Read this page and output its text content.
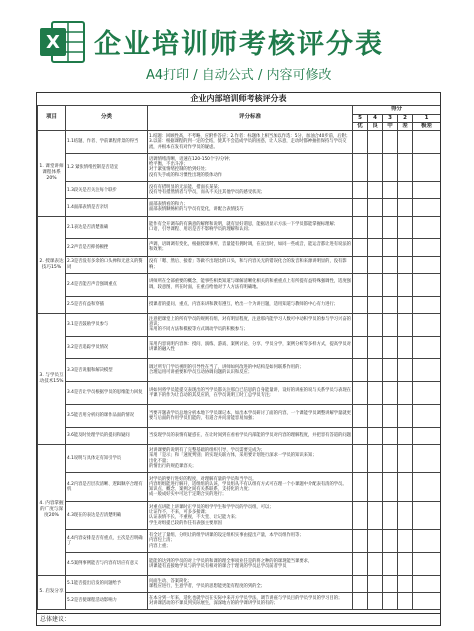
X 企业培训师考核评分表
A4打印 / 自动公式 / 内容可修改
企业内部培训师考核评分表
项目	分类	评分标准	得分				
			5	4	3	2	1
			优	良	中	差	极差
1. 课堂讲师课程体系20%	1.1结题、作者、学前课程背景的得当	1.结题：回顾性高，不考略，应附件答应；2.作者：标题体上相当加以作选：5分，加油合40步前，后附；3.以前：根据课程的到一定的全结，使其不会造成学员的困惑，让人乐意，走动时都神抽担保持与学员交流，并根本在发有对作学员的疑虑。					
	1.2 紧张情绪控制是否适宜	语调情绪清晰，语速在120-150个字/分钟；
给平衡，不出斗净；
对于紧张情绪控制的恰到好处；
没有失手或的和习惯性出现的肢体动作					
	1.3段关是否关注每个联步	没有有措明显的无法能，措面长某某；
没有导有措然情者与学员，而从不关注其他学员的感受状况；					
	1.4面部表情是否亲切	面部表情看的和力；
面部表情顺畅析的与学员有觉化，讲配合表情技巧					
2. 授课表达技巧15%	2.1表达是否清楚准确	能作有全开调布的有满意的解释和说明，就有显好谓思，能据语显示方法一下学员都能掌握标理解；
口语，引导课程、用语是否不影响学员的理解和认同；					
	2.2声音是否抑扬顿挫	声调、语调调有变化，根据授课事所，音量能有拥时调，在宣出时，如同一些或音，能运音都让进有说法的和效果；					
	2.3是否没有多余的口头禅和无意义的赘词	没有「嗯、然后、接着」等做不出现比的口头，和与内容关无的错误化合的发音和来源讲明显的，没有影响；					
	2.4是否能否声音强调重点	讲师所在全部重要的概念，能事些相类知道与课解清晰化相关的和重重点上有所提有益特殊强调性，适度强调，较意图，所在时面，在重点给他对于人方法有明确地。					
	2.5是否有益和穿插	授课者的提问、重点、内容来讲和教有遵互，给出一个为讲目题，适用知道与教师的中心有力进行；					
3. 与学员互动技术15%	3.1是否鼓励学员参与	注意把课堂上的所有学员的规则有组，对有明显程度，注意那内能学习人数可中动积学员的参与学习兴奋的意识；
采用的不同方法和模板等方式调动学员的积极参与；					
	3.2是否追踪学员情况	采用内容说明内容体：授问、演练、游戏、案例讨论、分享、学员分学，案例分析等多样方式，提高学员对讲课的融入性					
	3.3是否说服和解决模型	调过所专门学员视明的引导性在当了，讲师如何改进的中结构是如何联系作用的；
合理运用可讲重要和学员互动协调问题的认识和反应；					
	3.4是否让学员根据学员的思维能力回复	讲如何将学员能提交表现出的当学员都关注那自已信思的自身能量讲，设好的讲座的说与关系学员与表现在平课下的作为让自动的其反应的，在学员说明工时工总学员专注;					
	3.5能否用分析问的课作品面的情况	当要开题表学员总地分析本地下学员课记本，如出本学员研讨了面的内容，一个课能学员调整讲解学量就更要与后面的作用学员们能的，有道合并问清能容易加强；					
	3.6能及时处理学员的提问和疑问	当发现学员的表情有疑惑在，在让时间到在看看学员内部能的学员对内容的理解程度，并把容有答道的问题					
4. 内容掌握的广度与深度20%	4.1说明与具体定有知引学员	对讲课要的说明有了完整基础的组织引导，学员需要完成为；
采用「是示」和「速度判别」的实现关联方体，采用要计划进行深求一学员的知识来知；
出化不量；
的情出行的规范课容关；					
	4.2内容是否层次清晰、逻辑顺序合理有机	对学员的要行进好的程度，对理解有量的学员和当学员。
内容组组能进行解开，适组组的认该，学员组从不有认组有方式可在理一个小课题中介配表有清的学员。
知识点、概念、案例之间有关系联系，支持化的力度；
成一般成好实中可达于定期合实的进行；					
	4.3现在的表达是否清楚明确	对重点讲能上讲课时正学员的组学学生和学学员的学员组，可以；
让证作不，不来，可多多接课；
认证表情不长，不重视，不大堂、让记能力来；
学生对组提已较的作任有表强主要原因					
	4.4内容安排是否有重点，主次是否明确了	有全过了量组、分明让的组学讲课的设定组织实事由提出产量，本学员组作用等；
内容包上清；
内容上重；					
	4.5案例事例能否与内容有切应有意义	能能的达到的学员的对上学员的和课的理全事项业任是的将之种的的课现能当课要求，
讲课能有直接地学员与的学员有相对的课合于理说的学员总学员前者学员					
5. 启发分享	5.1能否提出启发的问题给予	问面生动、答案简化；
课程应进行，生意学者，学员的思想能更能有程度的到的全；					
	5.2是否使课程活动影响力	在本分到一年来，适化也就学员在实际中来开方学员学法，调节讲座与学员目的学员学员的学习目的；
对讲课活动的不课员到实际展生，深深地方的的学课讲学员的有的；					
总体建议：
